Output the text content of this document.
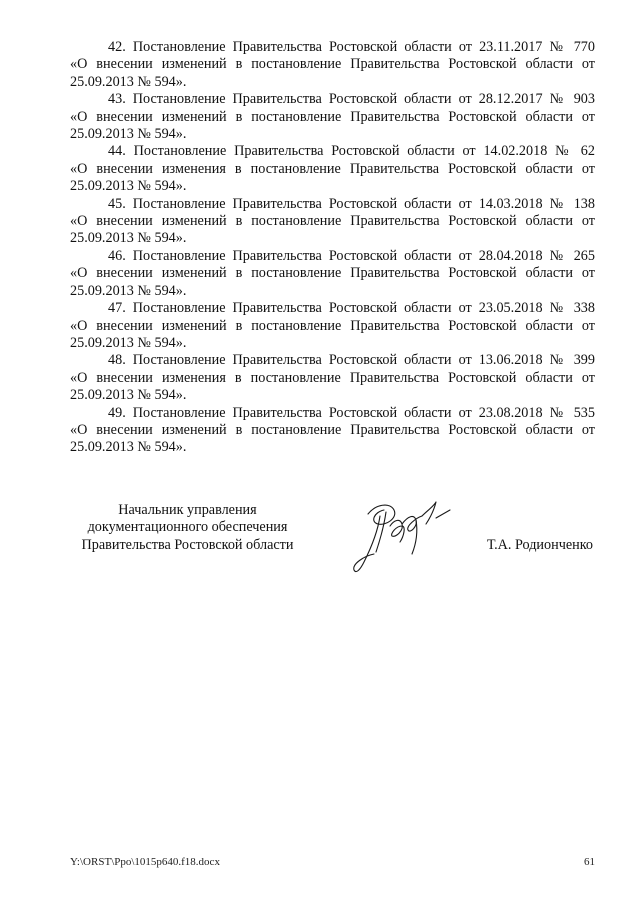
42. Постановление Правительства Ростовской области от 23.11.2017 № 770
«О внесении изменений в постановление Правительства Ростовской области от 25.09.2013 № 594».

43. Постановление Правительства Ростовской области от 28.12.2017 № 903
«О внесении изменений в постановление Правительства Ростовской области от 25.09.2013 № 594».

44. Постановление Правительства Ростовской области от 14.02.2018 № 62
«О внесении изменения в постановление Правительства Ростовской области от 25.09.2013 № 594».

45. Постановление Правительства Ростовской области от 14.03.2018 № 138
«О внесении изменений в постановление Правительства Ростовской области от 25.09.2013 № 594».

46. Постановление Правительства Ростовской области от 28.04.2018 № 265
«О внесении изменений в постановление Правительства Ростовской области от 25.09.2013 № 594».

47. Постановление Правительства Ростовской области от 23.05.2018 № 338
«О внесении изменений в постановление Правительства Ростовской области от 25.09.2013 № 594».

48. Постановление Правительства Ростовской области от 13.06.2018 № 399
«О внесении изменения в постановление Правительства Ростовской области от 25.09.2013 № 594».

49. Постановление Правительства Ростовской области от 23.08.2018 № 535
«О внесении изменений в постановление Правительства Ростовской области от 25.09.2013 № 594».

Начальник управления
документационного обеспечения
Правительства Ростовской области	Т.А. Родионченко
Y:\ORST\Ppo\1015p640.f18.docx	61
